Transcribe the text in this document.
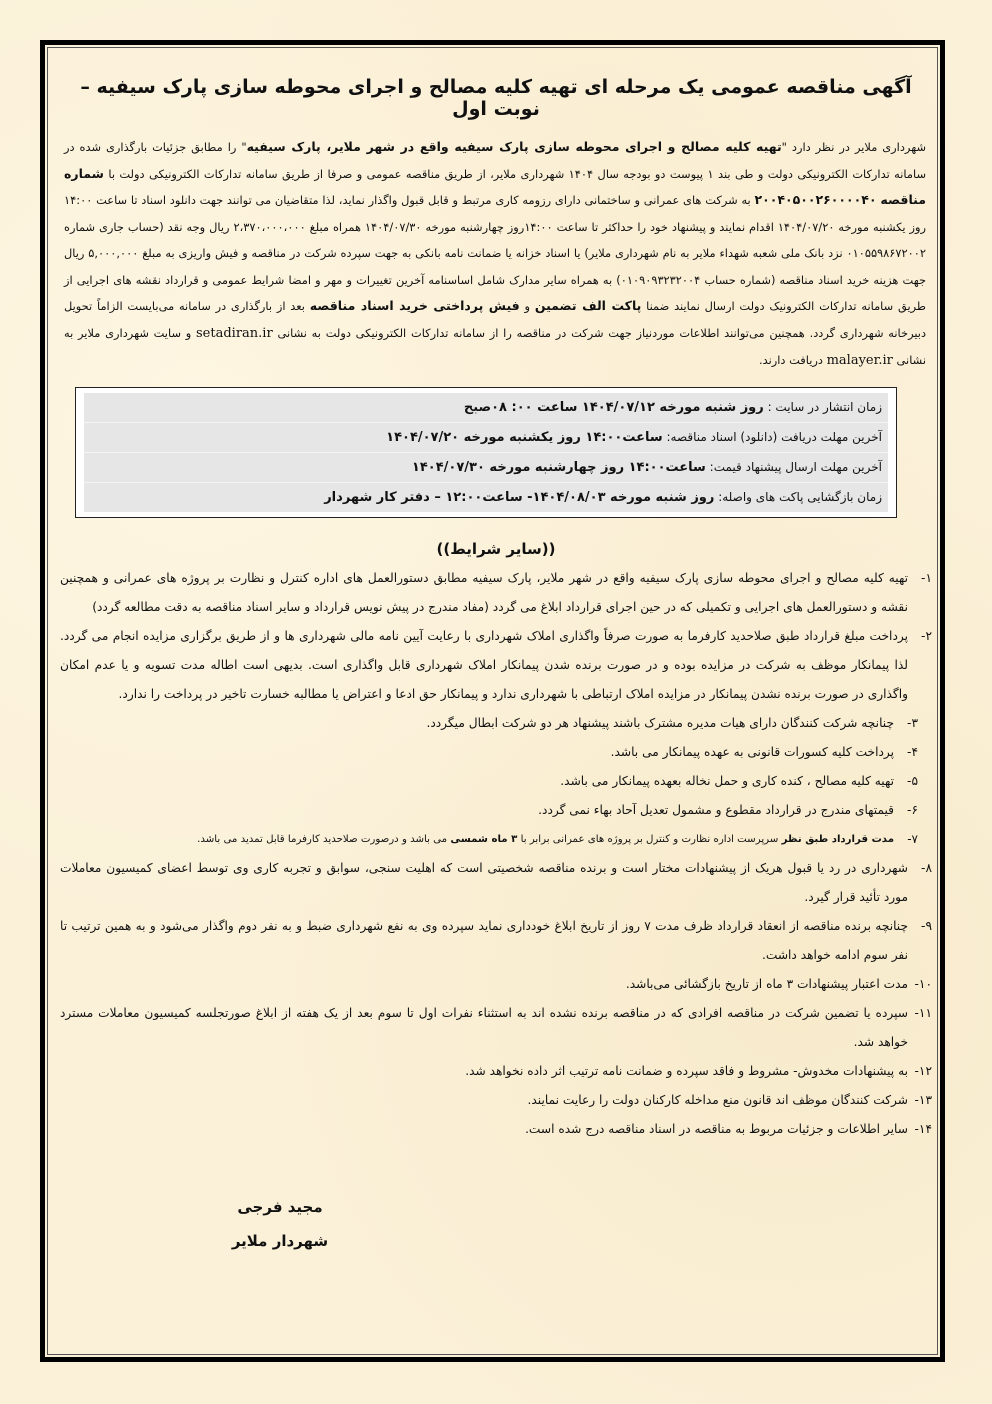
آگهی مناقصه عمومی یک مرحله ای تهیه کلیه مصالح و اجرای محوطه سازی پارک سیفیه – نوبت اول

شهرداری ملایر در نظر دارد "تهیه کلیه مصالح و اجرای محوطه سازی پارک سیفیه واقع در شهر ملایر، پارک سیفیه" را مطابق جزئیات بارگذاری شده در سامانه تدارکات الکترونیکی دولت و طی بند ۱ پیوست دو بودجه سال ۱۴۰۴ شهرداری ملایر، از طریق مناقصه عمومی و صرفا از طریق سامانه تدارکات الکترونیکی دولت با شماره مناقصه ۲۰۰۴۰۵۰۰۲۶۰۰۰۰۴۰ به شرکت های عمرانی و ساختمانی دارای رزومه کاری مرتبط و قابل قبول واگذار نماید، لذا متقاضیان می توانند جهت دانلود اسناد تا ساعت ۱۴:۰۰ روز یکشنبه مورخه ۱۴۰۴/۰۷/۲۰ اقدام نمایند و پیشنهاد خود را حداکثر تا ساعت ۱۴:۰۰روز چهارشنبه مورخه ۱۴۰۴/۰۷/۳۰ همراه مبلغ ۲،۳۷۰،۰۰۰،۰۰۰ ریال وجه نقد (حساب جاری شماره ۰۱۰۵۵۹۸۶۷۲۰۰۲ نزد بانک ملی شعبه شهداء ملایر به نام شهرداری ملایر) یا اسناد خزانه یا ضمانت نامه بانکی به جهت سپرده شرکت در مناقصه و فیش واریزی به مبلغ ۵,۰۰۰,۰۰۰ ریال جهت هزینه خرید اسناد مناقصه (شماره حساب ۰۱۰۹۰۹۳۲۳۲۰۰۴) به همراه سایر مدارک شامل اساسنامه آخرین تغییرات و مهر و امضا شرایط عمومی و قرارداد نقشه های اجرایی از طریق سامانه تدارکات الکترونیک دولت ارسال نمایند ضمنا پاکت الف تضمین و فیش پرداختی خرید اسناد مناقصه بعد از بارگذاری در سامانه می‌بایست الزاماً تحویل دبیرخانه شهرداری گردد. همچنین می‌توانند اطلاعات موردنیاز جهت شرکت در مناقصه را از سامانه تدارکات الکترونیکی دولت به نشانی setadiran.ir و سایت شهرداری ملایر به نشانی malayer.ir دریافت دارند.

زمان انتشار در سایت : روز شنبه مورخه ۱۴۰۴/۰۷/۱۲ ساعت ۰۰: ۰۸صبح
آخرین مهلت دریافت (دانلود) اسناد مناقصه: ساعت۱۴:۰۰ روز یکشنبه مورخه ۱۴۰۴/۰۷/۲۰
آخرین مهلت ارسال پیشنهاد قیمت: ساعت۱۴:۰۰ روز چهارشنبه مورخه ۱۴۰۴/۰۷/۳۰
زمان بازگشایی پاکت های واصله: روز شنبه مورخه ۱۴۰۴/۰۸/۰۳- ساعت۱۲:۰۰ – دفتر کار شهردار
((سایر شرایط))
۱-
تهیه کلیه مصالح و اجرای محوطه سازی پارک سیفیه واقع در شهر ملایر، پارک سیفیه مطابق دستورالعمل های اداره کنترل و نظارت بر پروژه های عمرانی و همچنین نقشه و دستورالعمل های اجرایی و تکمیلی که در حین اجرای قرارداد ابلاغ می گردد (مفاد مندرج در پیش نویس قرارداد و سایر اسناد مناقصه به دقت مطالعه گردد)
۲-
پرداخت مبلغ قرارداد طبق صلاحدید کارفرما به صورت صرفاً واگذاری املاک شهرداری با رعایت آیین نامه مالی شهرداری ها و از طریق برگزاری مزایده انجام می گردد. لذا پیمانکار موظف به شرکت در مزایده بوده و در صورت برنده شدن پیمانکار املاک شهرداری قابل واگذاری است. بدیهی است اطاله مدت تسویه و یا عدم امکان واگذاری در صورت برنده نشدن پیمانکار در مزایده املاک ارتباطی با شهرداری ندارد و پیمانکار حق ادعا و اعتراض یا مطالبه خسارت تاخیر در پرداخت را ندارد.
۳-
چنانچه شرکت کنندگان دارای هیات مدیره مشترک باشند پیشنهاد هر دو شرکت ابطال میگردد.
۴-
پرداخت کلیه کسورات قانونی به عهده پیمانکار می باشد.
۵-
تهیه کلیه مصالح ، کنده کاری و حمل نخاله بعهده پیمانکار می باشد.
۶-
قیمتهای مندرج در قرارداد مقطوع و مشمول تعدیل آحاد بهاء نمی گردد.
۷-
مدت قرارداد طبق نظر سرپرست اداره نظارت و کنترل بر پروژه های عمرانی برابر با ۳ ماه شمسی می باشد و درصورت صلاحدید کارفرما قابل تمدید می باشد.
۸-
شهرداری در رد یا قبول هریک از پیشنهادات مختار است و برنده مناقصه شخصیتی است که اهلیت سنجی، سوابق و تجربه کاری وی توسط اعضای کمیسیون معاملات مورد تأئید قرار گیرد.
۹-
چنانچه برنده مناقصه از انعقاد قرارداد ظرف مدت ۷ روز از تاریخ ابلاغ خودداری نماید سپرده وی به نفع شهرداری ضبط و به نفر دوم واگذار می‌شود و به همین ترتیب تا نفر سوم ادامه خواهد داشت.
۱۰-
مدت اعتبار پیشنهادات ۳ ماه از تاریخ بازگشائی می‌باشد.
۱۱-
سپرده یا تضمین شرکت در مناقصه افرادی که در مناقصه برنده نشده اند به استثناء نفرات اول تا سوم بعد از یک هفته از ابلاغ صورتجلسه کمیسیون معاملات مسترد خواهد شد.
۱۲-
به پیشنهادات مخدوش- مشروط و فاقد سپرده و ضمانت نامه ترتیب اثر داده نخواهد شد.
۱۳-
شرکت کنندگان موظف اند قانون منع مداخله کارکنان دولت را رعایت نمایند.
۱۴-
سایر اطلاعات و جزئیات مربوط به مناقصه در اسناد مناقصه درج شده است.
مجید فرجی
شهردار ملایر
